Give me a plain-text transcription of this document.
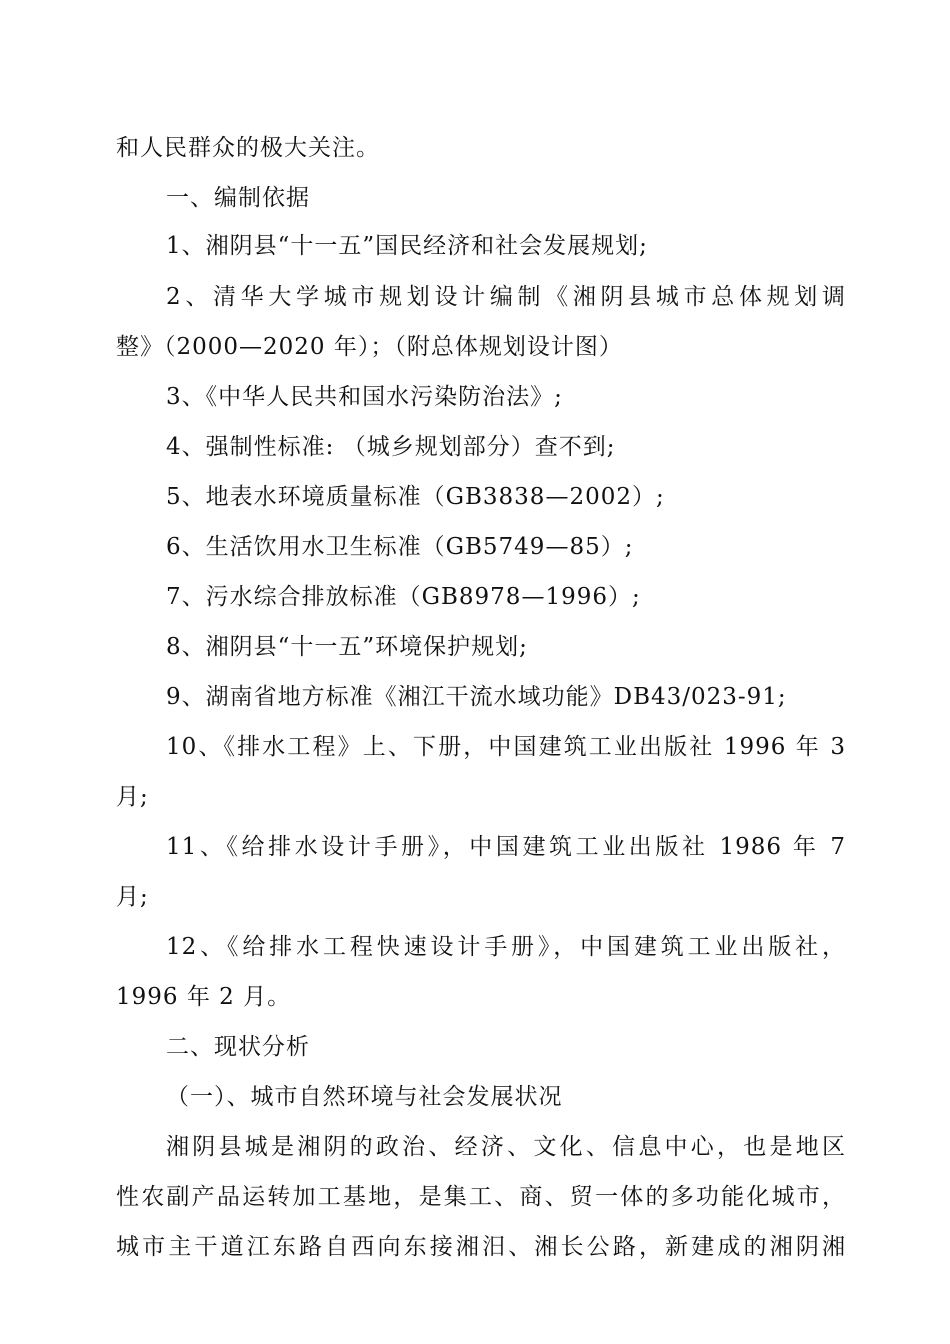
和人民群众的极大关注。
一、编制依据
1、湘阴县“十一五”国民经济和社会发展规划;
2、清华大学城市规划设计编制《湘阴县城市总体规划调
整》（2000—2020 年）；（附总体规划设计图）
3、《中华人民共和国水污染防治法》;
4、强制性标准: （城乡规划部分）查不到;
5、地表水环境质量标准（GB3838—2002）;
6、生活饮用水卫生标准（GB5749—85）;
7、污水综合排放标准（GB8978—1996）;
8、湘阴县“十一五”环境保护规划;
9、湖南省地方标准《湘江干流水域功能》DB43/023-91;
10、《排水工程》上、下册，中国建筑工业出版社 1996 年 3
月;
11、《给排水设计手册》，中国建筑工业出版社 1986 年 7
月;
12、《给排水工程快速设计手册》，中国建筑工业出版社，
1996 年 2 月。
二、现状分析
（一）、城市自然环境与社会发展状况
湘阴县城是湘阴的政治、经济、文化、信息中心，也是地区
性农副产品运转加工基地，是集工、商、贸一体的多功能化城市，
城市主干道江东路自西向东接湘汨、湘长公路，新建成的湘阴湘
